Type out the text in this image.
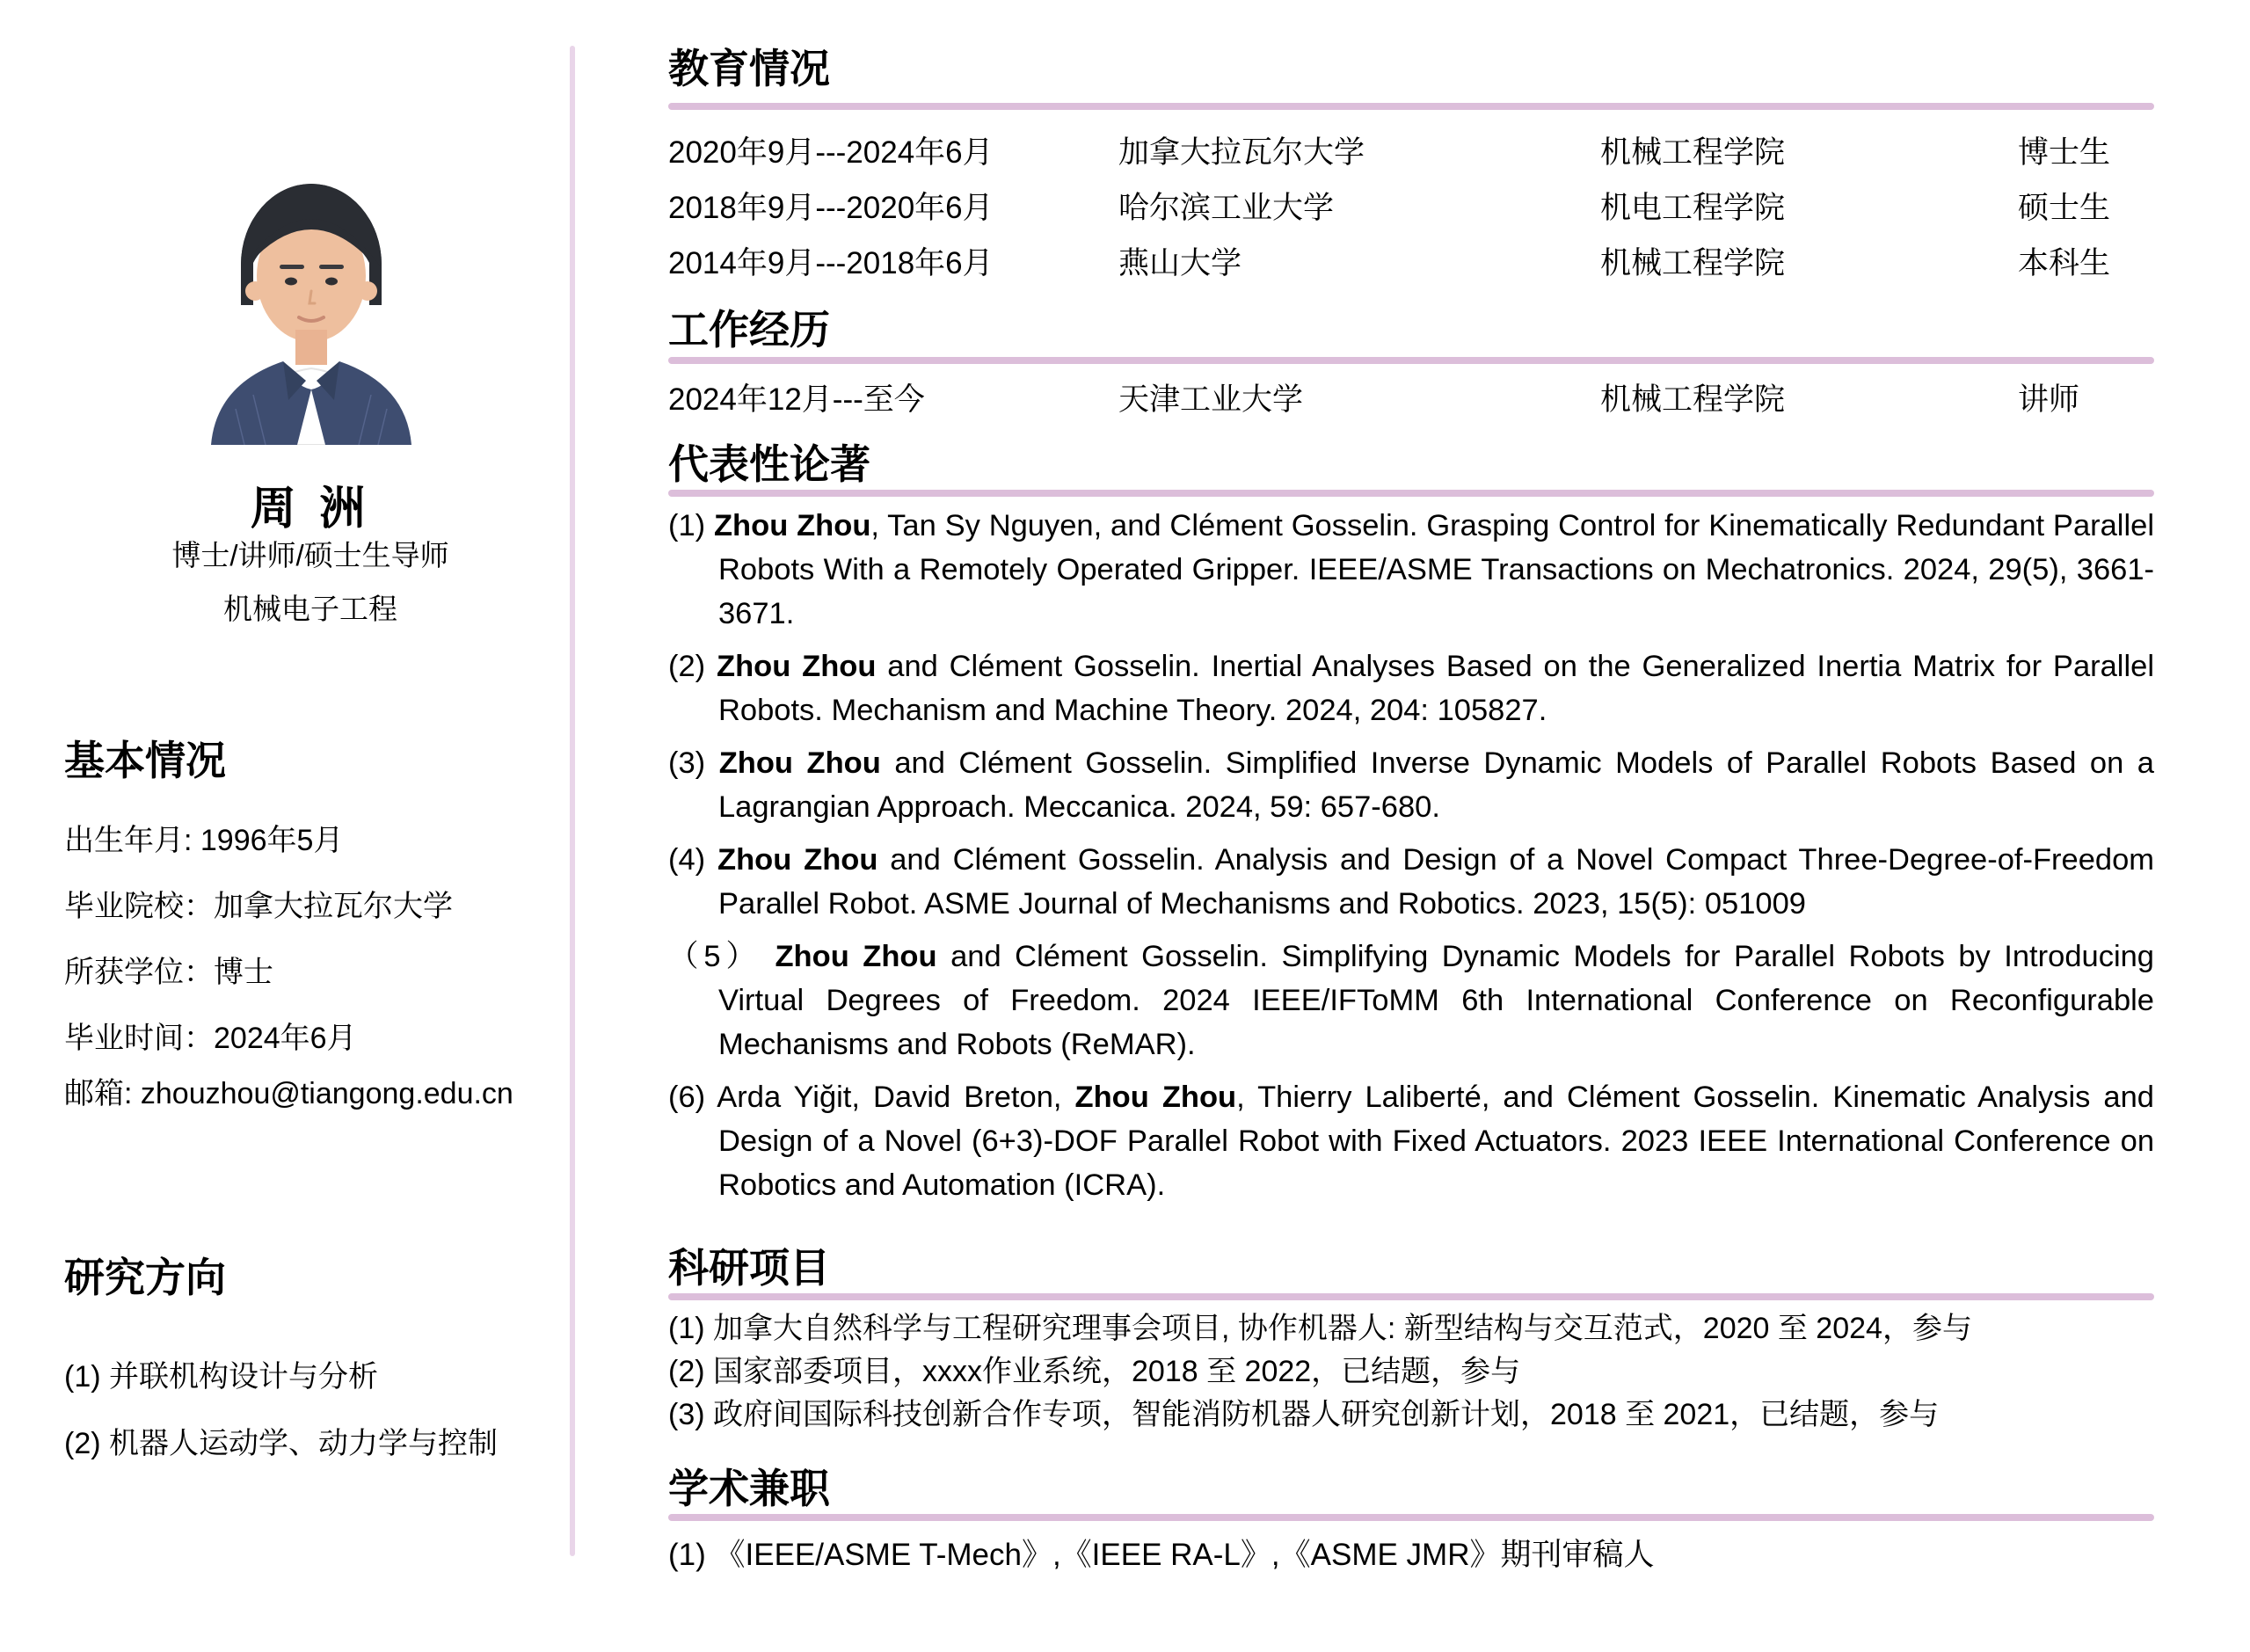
周 洲
博士/讲师/硕士生导师
机械电子工程
基本情况
出生年月: 1996年5月
毕业院校：加拿大拉瓦尔大学
所获学位：博士
毕业时间：2024年6月
邮箱: zhouzhou@tiangong.edu.cn
研究方向
(1) 并联机构设计与分析
(2) 机器人运动学、动力学与控制
教育情况
2020年9月---2024年6月	加拿大拉瓦尔大学	机械工程学院	博士生
2018年9月---2020年6月	哈尔滨工业大学	机电工程学院	硕士生
2014年9月---2018年6月	燕山大学	机械工程学院	本科生
工作经历
2024年12月---至今	天津工业大学	机械工程学院	讲师
代表性论著
(1) Zhou Zhou, Tan Sy Nguyen, and Clément Gosselin. Grasping Control for Kinematically Redundant Parallel Robots With a Remotely Operated Gripper. IEEE/ASME Transactions on Mechatronics. 2024, 29(5), 3661-3671.
(2) Zhou Zhou and Clément Gosselin. Inertial Analyses Based on the Generalized Inertia Matrix for Parallel Robots. Mechanism and Machine Theory. 2024, 204: 105827.
(3) Zhou Zhou and Clément Gosselin. Simplified Inverse Dynamic Models of Parallel Robots Based on a Lagrangian Approach. Meccanica. 2024, 59: 657-680.
(4) Zhou Zhou and Clément Gosselin. Analysis and Design of a Novel Compact Three-Degree-of-Freedom Parallel Robot. ASME Journal of Mechanisms and Robotics. 2023, 15(5): 051009
（5） Zhou Zhou and Clément Gosselin. Simplifying Dynamic Models for Parallel Robots by Introducing Virtual Degrees of Freedom. 2024 IEEE/IFToMM 6th International Conference on Reconfigurable Mechanisms and Robots (ReMAR).
(6) Arda Yiğit, David Breton, Zhou Zhou, Thierry Laliberté, and Clément Gosselin. Kinematic Analysis and Design of a Novel (6+3)-DOF Parallel Robot with Fixed Actuators. 2023 IEEE International Conference on Robotics and Automation (ICRA).
科研项目
(1) 加拿大自然科学与工程研究理事会项目, 协作机器人: 新型结构与交互范式，2020 至 2024，参与
(2) 国家部委项目，xxxx作业系统，2018 至 2022，已结题，参与
(3) 政府间国际科技创新合作专项，智能消防机器人研究创新计划，2018 至 2021，已结题，参与
学术兼职
(1) 《IEEE/ASME T-Mech》,《IEEE RA-L》,《ASME JMR》期刊审稿人
